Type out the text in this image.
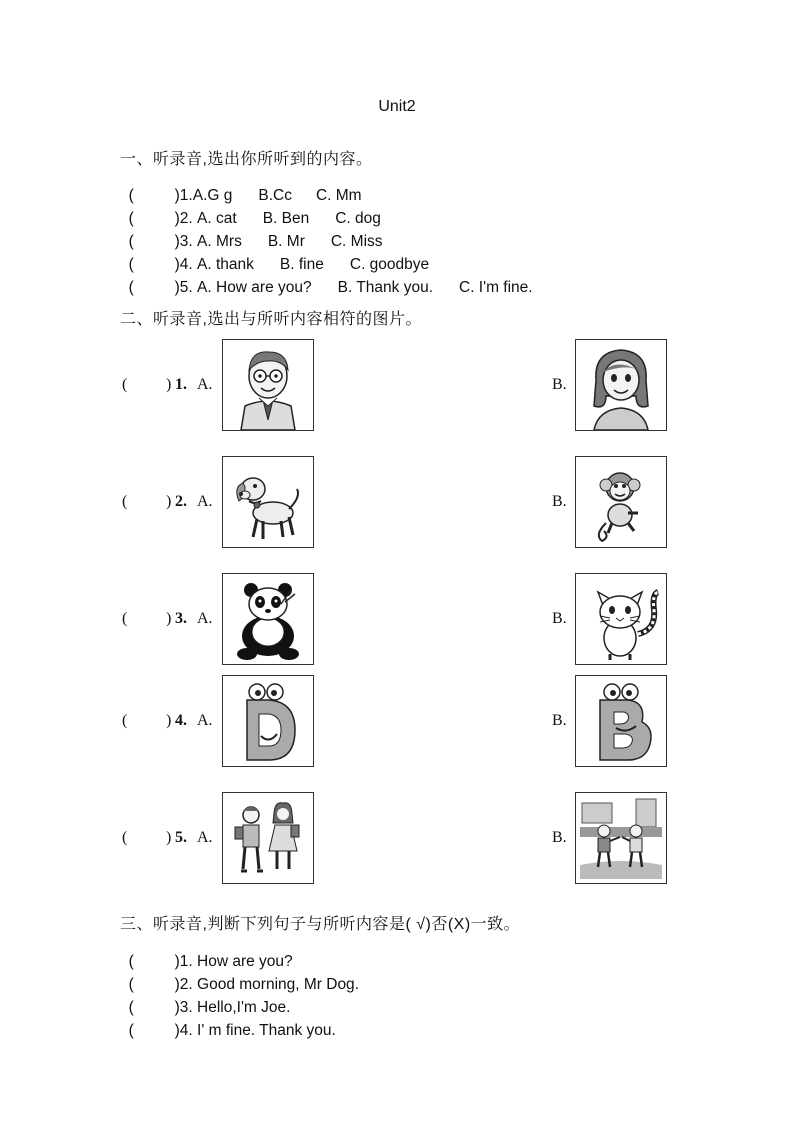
Unit2
一、听录音,选出你所听到的内容。

(	)1.A.G g B.Cc C. Mm

(	)2. A. cat B. Ben C. dog

(	)3. A. Mrs B. Mr C. Miss

(	)4. A. thank B. fine C. goodbye

(	)5. A. How are you? B. Thank you. C. I'm fine.

二、听录音,选出与所听内容相符的图片。
( ) 1. A.	B.
( ) 2. A.	B.
( ) 3. A.	B.
( ) 4. A.	B.
( ) 5. A.	B.
三、听录音,判断下列句子与所听内容是( √)否(X)一致。

(	)1. How are you?

(	)2. Good morning, Mr Dog.

(	)3. Hello,I'm Joe.

(	)4. I' m fine. Thank you.
